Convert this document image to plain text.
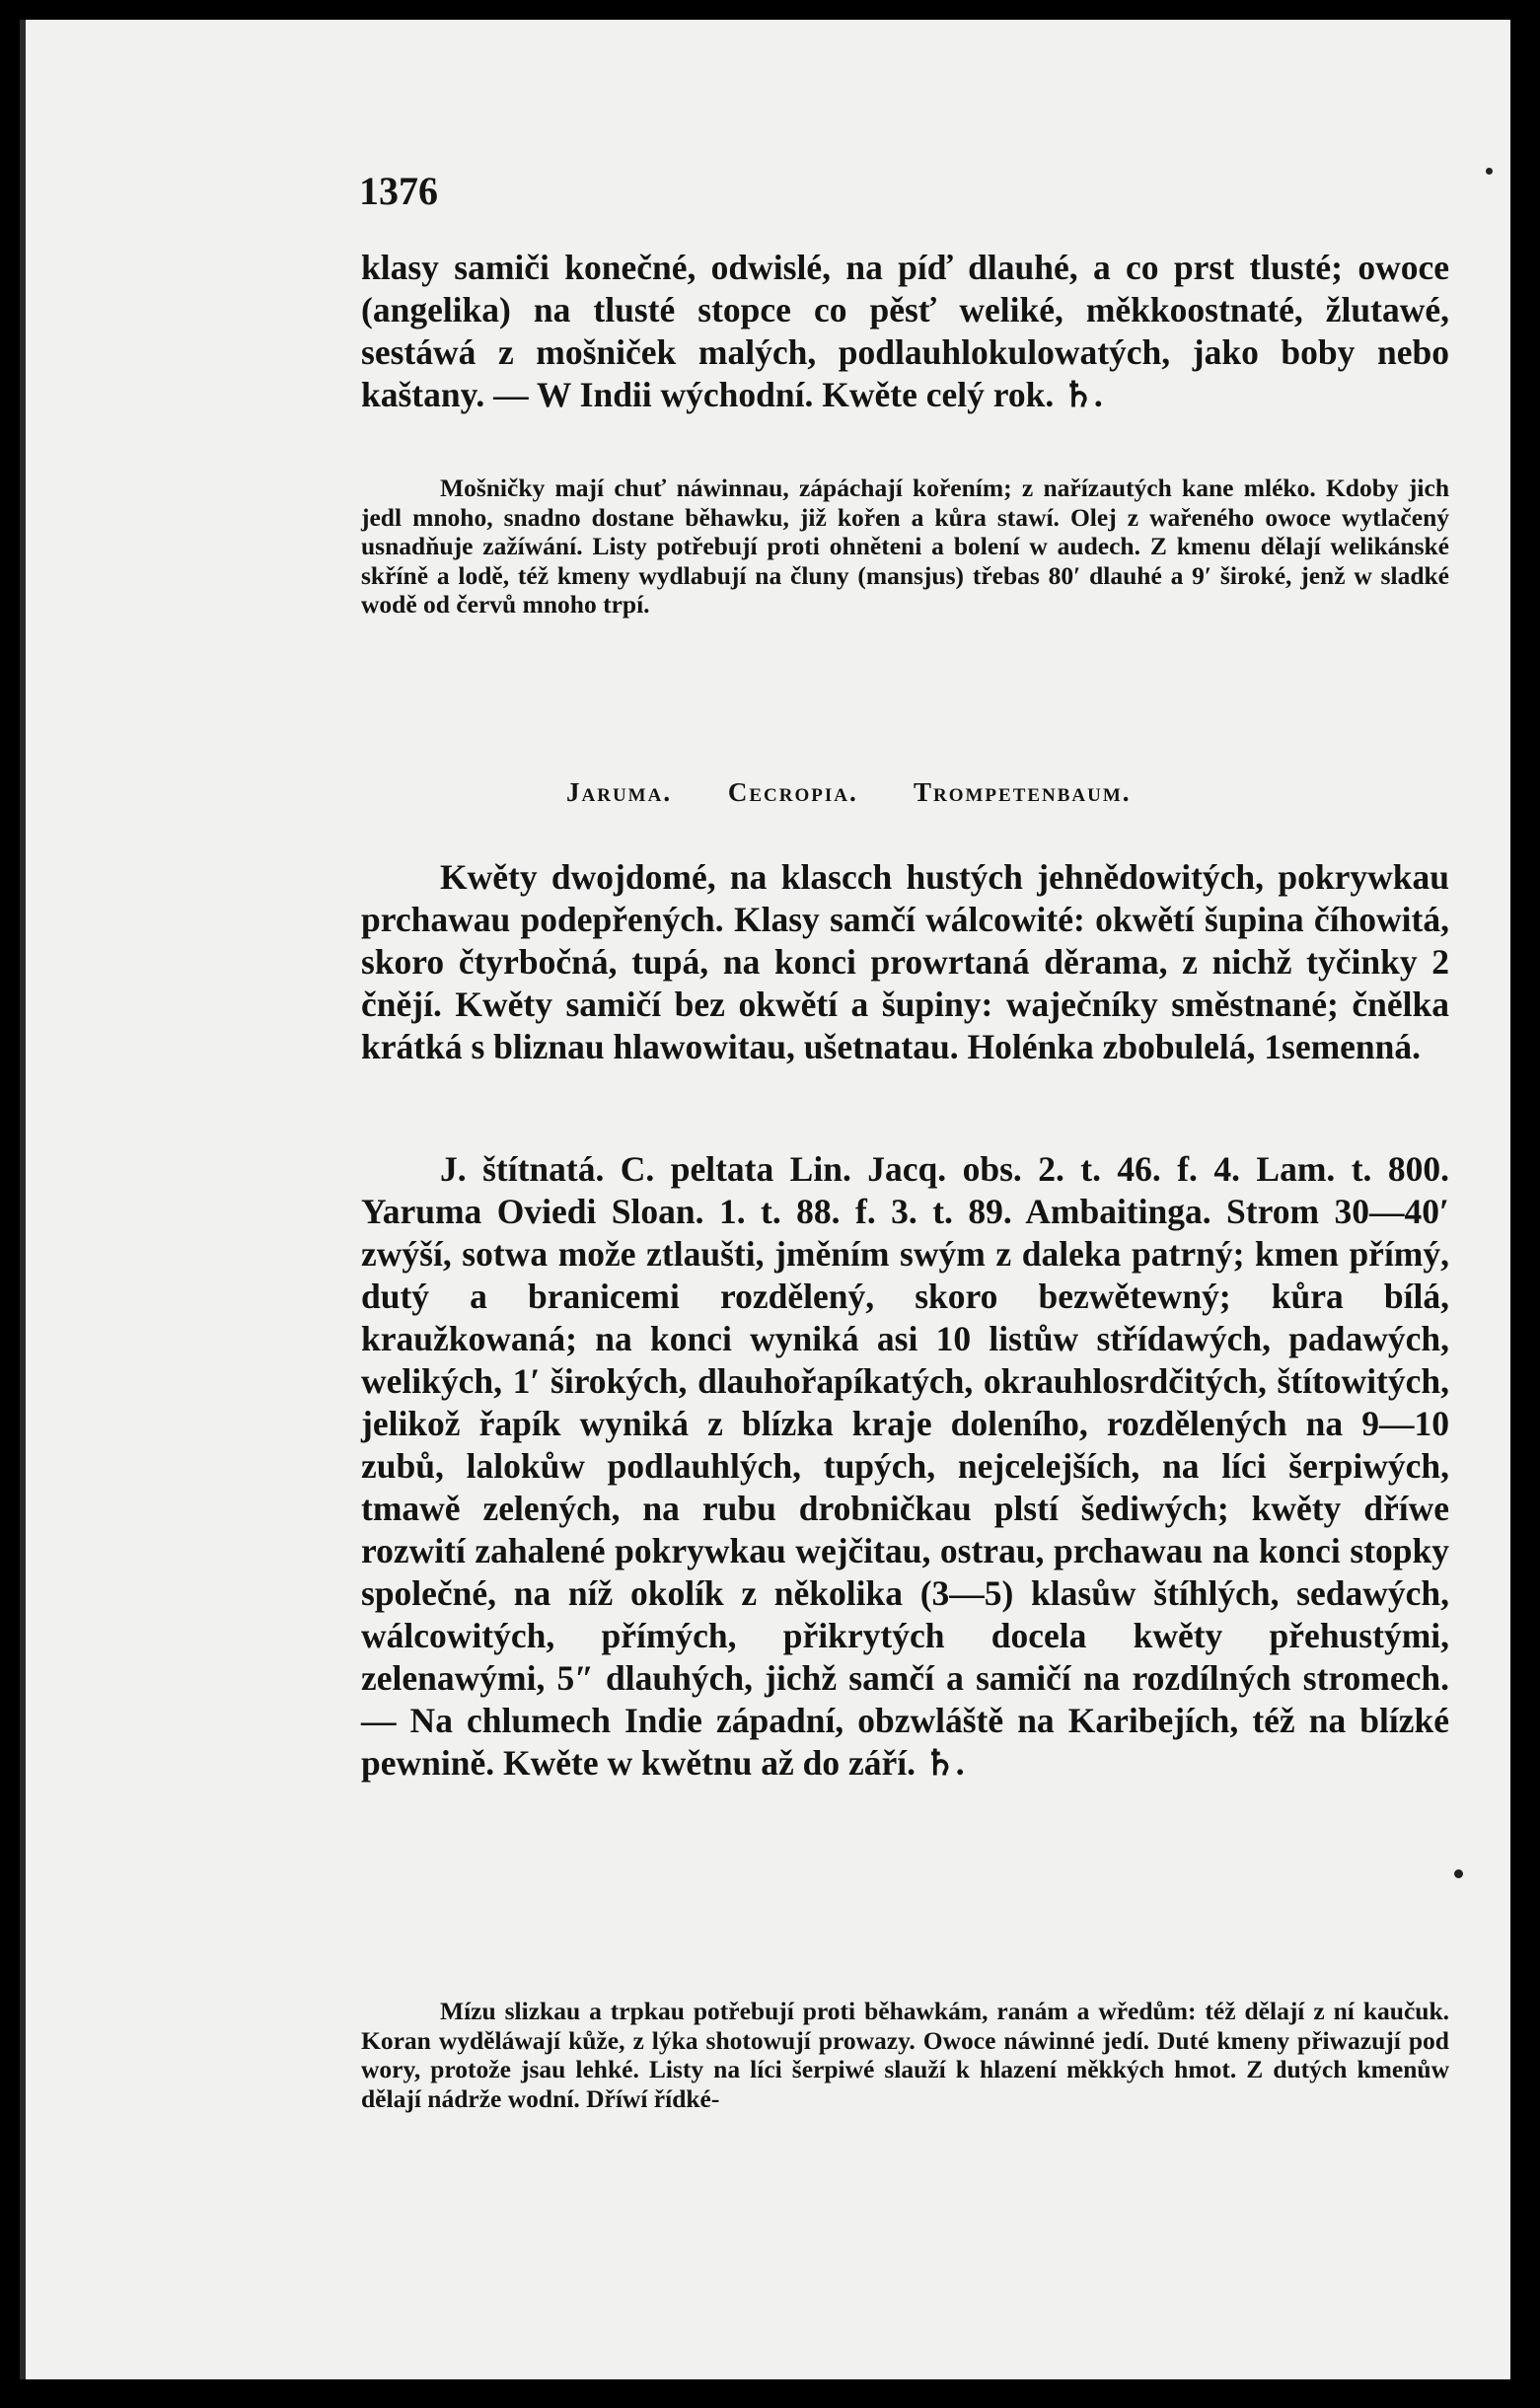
1376
klasy samiči konečné, odwislé, na píď dlauhé, a co prst tlusté; owoce (angelika) na tlusté stopce co pěsť weliké, měkkoostnaté, žlutawé, sestáwá z mošniček malých, podlauhlokulowatých, jako boby nebo kaštany. — W Indii wýchodní. Kwěte celý rok. ♄.
Mošničky mají chuť náwinnau, zápáchají kořením; z nařízautých kane mléko. Kdoby jich jedl mnoho, snadno dostane běhawku, již kořen a kůra stawí. Olej z wařeného owoce wytlačený usnadňuje zažíwání. Listy potřebují proti ohněteni a bolení w audech. Z kmenu dělají welikánské skříně a lodě, též kmeny wydlabují na čluny (mansjus) třebas 80′ dlauhé a 9′ široké, jenž w sladké wodě od červů mnoho trpí.
Jaruma. Cecropia. Trompetenbaum.
Kwěty dwojdomé, na klascch hustých jehnědowitých, pokrywkau prchawau podepřených. Klasy samčí wálcowité: okwětí šupina číhowitá, skoro čtyrbočná, tupá, na konci prowrtaná děrama, z nichž tyčinky 2 čnějí. Kwěty samičí bez okwětí a šupiny: waječníky směstnané; čnělka krátká s bliznau hlawowitau, ušetnatau. Holénka zbobulelá, 1semenná.
J. štítnatá. C. peltata Lin. Jacq. obs. 2. t. 46. f. 4. Lam. t. 800. Yaruma Oviedi Sloan. 1. t. 88. f. 3. t. 89. Ambaitinga. Strom 30—40′ zwýší, sotwa može ztlaušti, jměním swým z daleka patrný; kmen přímý, dutý a branicemi rozdělený, skoro bezwětewný; kůra bílá, kraužkowaná; na konci wyniká asi 10 listůw střídawých, padawých, welikých, 1′ širokých, dlauhořapíkatých, okrauhlosrdčitých, štítowitých, jelikož řapík wyniká z blízka kraje doleního, rozdělených na 9—10 zubů, lalokůw podlauhlých, tupých, nejcelejších, na líci šerpiwých, tmawě zelených, na rubu drobničkau plstí šediwých; kwěty dříwe rozwití zahalené pokrywkau wejčitau, ostrau, prchawau na konci stopky společné, na níž okolík z několika (3—5) klasůw štíhlých, sedawých, wálcowitých, přímých, přikrytých docela kwěty přehustými, zelenawými, 5″ dlauhých, jichž samčí a samičí na rozdílných stromech. — Na chlumech Indie západní, obzwláště na Karibejích, též na blízké pewnině. Kwěte w kwětnu až do září. ♄.
Mízu slizkau a trpkau potřebují proti běhawkám, ranám a wředům: též dělají z ní kaučuk. Koran wyděláwají kůže, z lýka shotowují prowazy. Owoce náwinné jedí. Duté kmeny přiwazují pod wory, protože jsau lehké. Listy na líci šerpiwé slauží k hlazení měkkých hmot. Z dutých kmenůw dělají nádrže wodní. Dříwí řídké-
